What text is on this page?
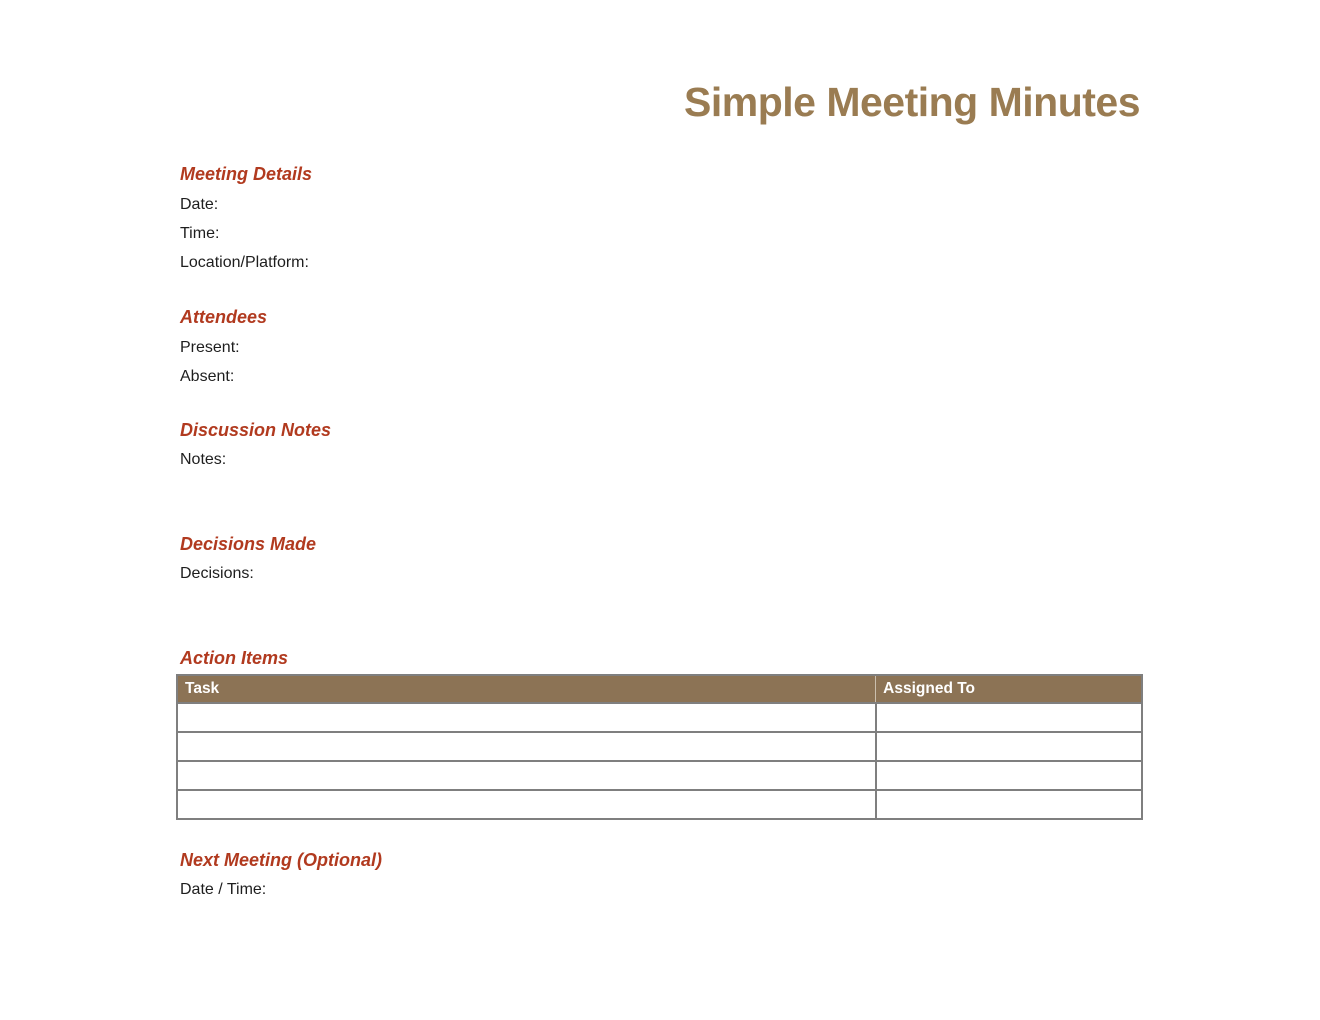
Simple Meeting Minutes
Meeting Details

Date:

Time:

Location/Platform:

Attendees

Present:

Absent:

Discussion Notes

Notes:

Decisions Made

Decisions:

Action Items
Task	Assigned To

Next Meeting (Optional)

Date / Time:
